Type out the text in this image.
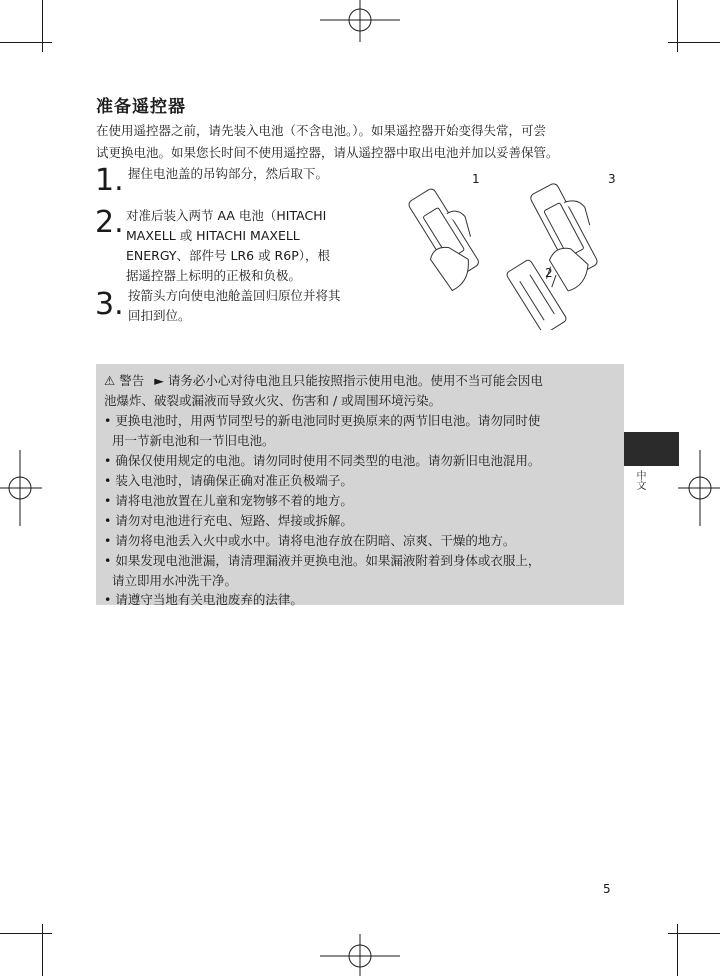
准备遥控器
在使用遥控器之前，请先装入电池（不含电池。）。如果遥控器开始变得失常，可尝
试更换电池。如果您长时间不使用遥控器，请从遥控器中取出电池并加以妥善保管。
1. 握住电池盖的吊钩部分，然后取下。
2. 对准后装入两节 AA 电池（HITACHI
MAXELL 或 HITACHI MAXELL
ENERGY、部件号 LR6 或 R6P），根
据遥控器上标明的正极和负极。
3. 按箭头方向使电池舱盖回归原位并将其
回扣到位。
1	3
2
⚠ 警告 ► 请务必小心对待电池且只能按照指示使用电池。使用不当可能会因电
池爆炸、破裂或漏液而导致火灾、伤害和 / 或周围环境污染。
• 更换电池时，用两节同型号的新电池同时更换原来的两节旧电池。请勿同时使
用一节新电池和一节旧电池。
• 确保仅使用规定的电池。请勿同时使用不同类型的电池。请勿新旧电池混用。
• 装入电池时，请确保正确对准正负极端子。
• 请将电池放置在儿童和宠物够不着的地方。
• 请勿对电池进行充电、短路、焊接或拆解。
• 请勿将电池丢入火中或水中。请将电池存放在阴暗、凉爽、干燥的地方。
• 如果发现电池泄漏，请清理漏液并更换电池。如果漏液附着到身体或衣服上，
请立即用水冲洗干净。
• 请遵守当地有关电池废弃的法律。
中文
5
